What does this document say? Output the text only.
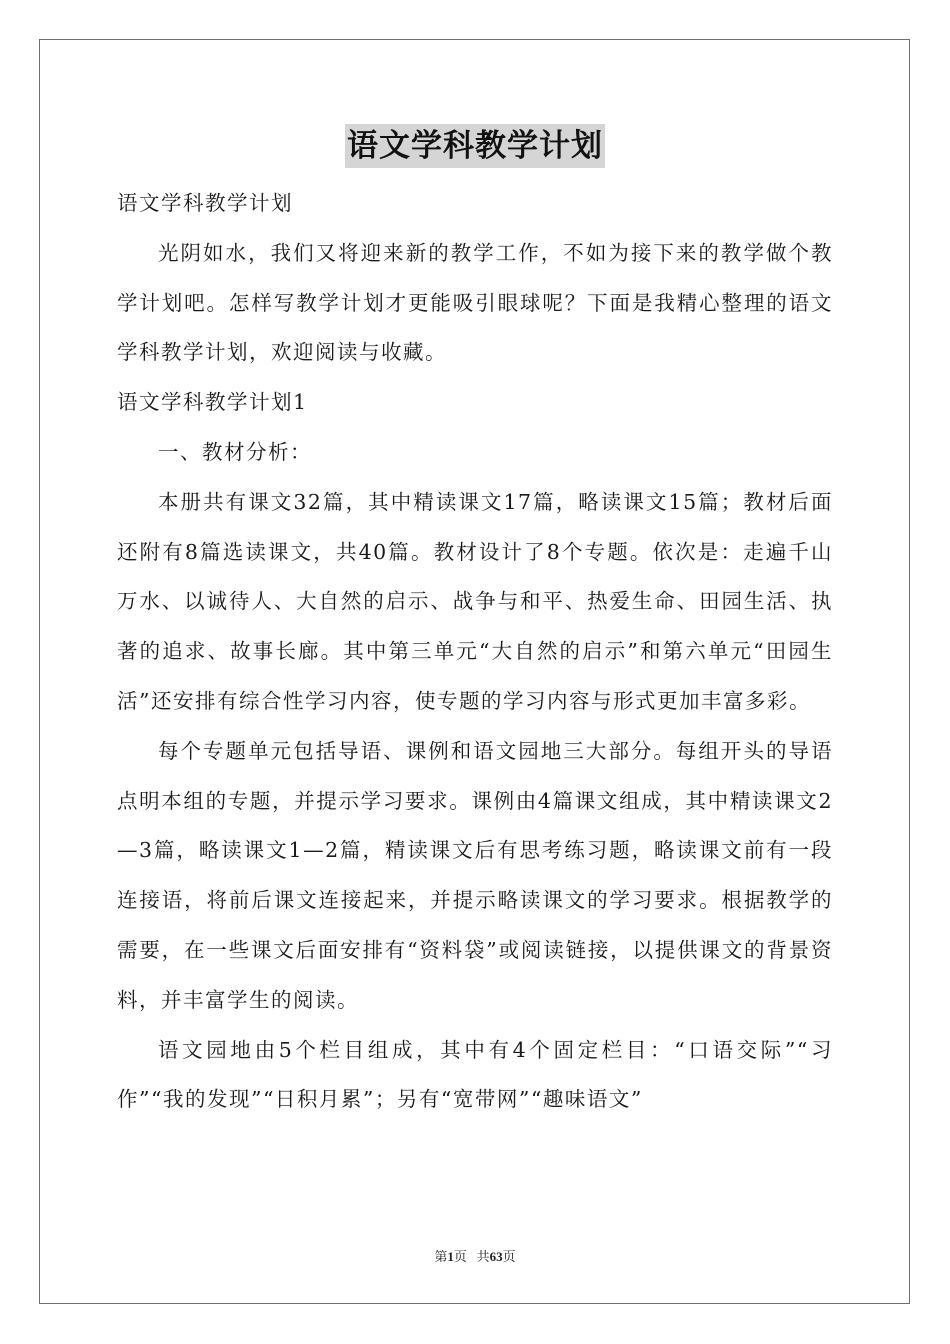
语文学科教学计划

语文学科教学计划

光阴如水，我们又将迎来新的教学工作，不如为接下来的教学做个教学计划吧。怎样写教学计划才更能吸引眼球呢？下面是我精心整理的语文学科教学计划，欢迎阅读与收藏。

语文学科教学计划1

一、教材分析：

本册共有课文32篇，其中精读课文17篇，略读课文15篇；教材后面还附有8篇选读课文，共40篇。教材设计了8个专题。依次是：走遍千山万水、以诚待人、大自然的启示、战争与和平、热爱生命、田园生活、执著的追求、故事长廊。其中第三单元“大自然的启示”和第六单元“田园生活”还安排有综合性学习内容，使专题的学习内容与形式更加丰富多彩。

每个专题单元包括导语、课例和语文园地三大部分。每组开头的导语点明本组的专题，并提示学习要求。课例由4篇课文组成，其中精读课文2—3篇，略读课文1—2篇，精读课文后有思考练习题，略读课文前有一段连接语，将前后课文连接起来，并提示略读课文的学习要求。根据教学的需要，在一些课文后面安排有“资料袋”或阅读链接，以提供课文的背景资料，并丰富学生的阅读。

语文园地由5个栏目组成，其中有4个固定栏目：“口语交际”“习作”“我的发现”“日积月累”；另有“宽带网”“趣味语文”

第1页 共63页
